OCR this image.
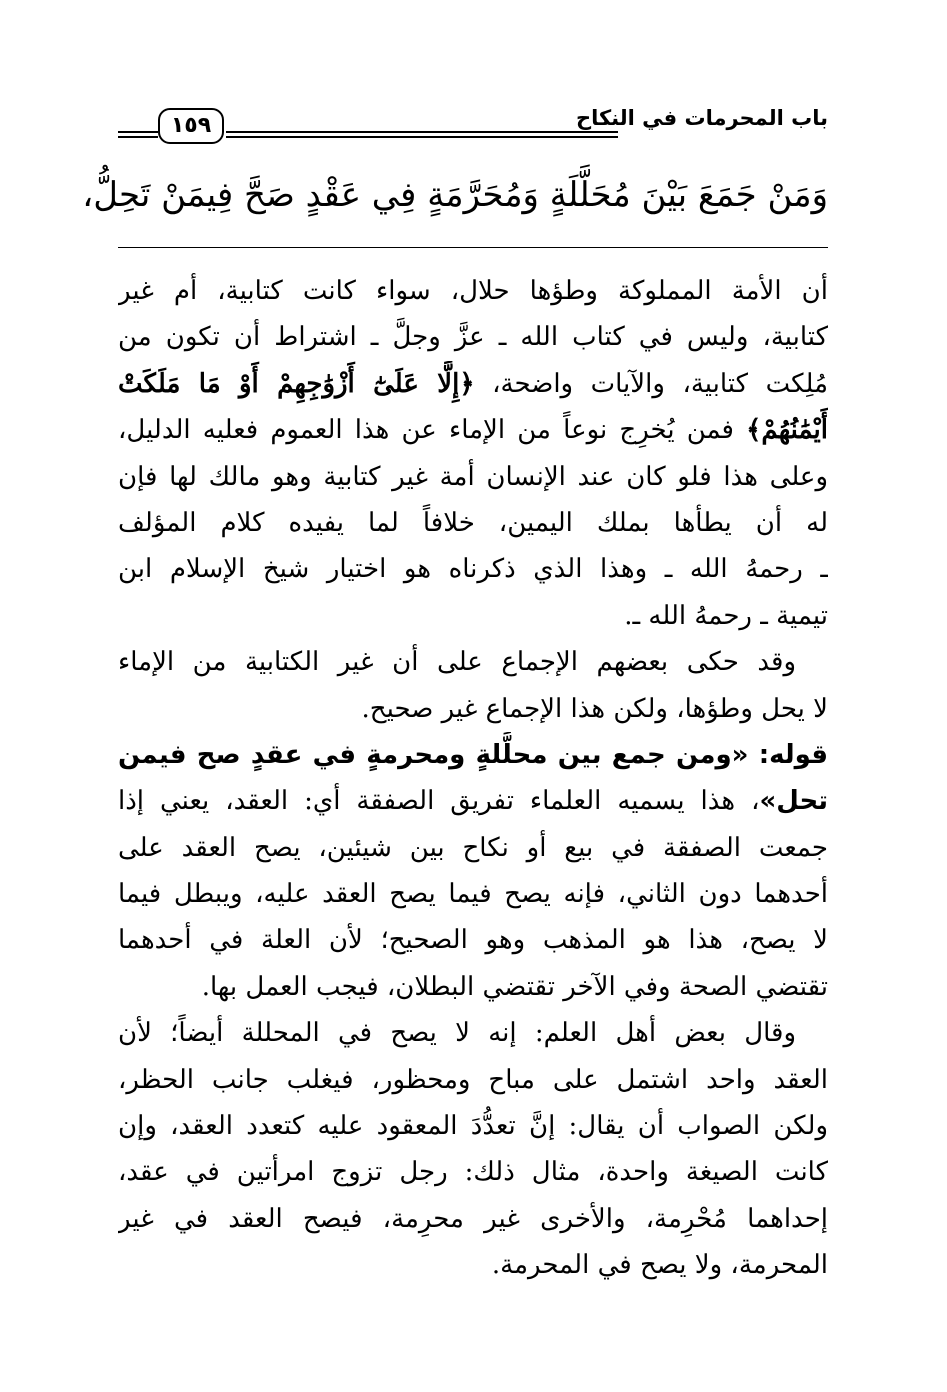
باب المحرمات في النكاح
١٥٩
وَمَنْ جَمَعَ بَيْنَ مُحَلَّلَةٍ وَمُحَرَّمَةٍ فِي عَقْدٍ صَحَّ فِيمَنْ تَحِلُّ،
أن الأمة المملوكة وطؤها حلال، سواء كانت كتابية، أم غير
كتابية، وليس في كتاب الله ـ عزَّ وجلَّ ـ اشتراط أن تكون من
مُلِكت كتابية، والآيات واضحة، ﴿إِلَّا عَلَىٰٓ أَزْوَٰجِهِمْ أَوْ مَا مَلَكَتْ
أَيْمَٰنُهُمْ﴾ فمن يُخرِج نوعاً من الإماء عن هذا العموم فعليه الدليل،
وعلى هذا فلو كان عند الإنسان أمة غير كتابية وهو مالك لها فإن
له أن يطأها بملك اليمين، خلافاً لما يفيده كلام المؤلف
ـ رحمهُ الله ـ وهذا الذي ذكرناه هو اختيار شيخ الإسلام ابن
تيمية ـ رحمهُ الله ـ.
وقد حكى بعضهم الإجماع على أن غير الكتابية من الإماء
لا يحل وطؤها، ولكن هذا الإجماع غير صحيح.
قوله: «ومن جمع بين محلَّلةٍ ومحرمةٍ في عقدٍ صح فيمن
تحل»، هذا يسميه العلماء تفريق الصفقة أي: العقد، يعني إذا
جمعت الصفقة في بيع أو نكاح بين شيئين، يصح العقد على
أحدهما دون الثاني، فإنه يصح فيما يصح العقد عليه، ويبطل فيما
لا يصح، هذا هو المذهب وهو الصحيح؛ لأن العلة في أحدهما
تقتضي الصحة وفي الآخر تقتضي البطلان، فيجب العمل بها.
وقال بعض أهل العلم: إنه لا يصح في المحللة أيضاً؛ لأن
العقد واحد اشتمل على مباح ومحظور، فيغلب جانب الحظر،
ولكن الصواب أن يقال: إنَّ تعدُّدَ المعقود عليه كتعدد العقد، وإن
كانت الصيغة واحدة، مثال ذلك: رجل تزوج امرأتين في عقد،
إحداهما مُحْرِمة، والأخرى غير محرِمة، فيصح العقد في غير
المحرمة، ولا يصح في المحرمة.
